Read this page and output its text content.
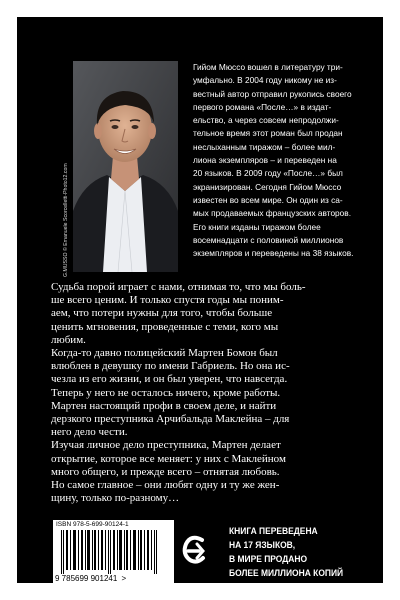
G.MUSSO © Emanuele Scorcelletti-Photo12.com
Гийом Мюссо вошел в литературу три-
умфально. В 2004 году никому не из-
вестный автор отправил рукопись своего
первого романа «После…» в издат-
ельство, а через совсем непродолжи-
тельное время этот роман был продан
неслыханным тиражом – более мил-
лиона экземпляров – и переведен на
20 языков. В 2009 году «После…» был
экранизирован. Сегодня Гийом Мюссо
известен во всем мире. Он один из са-
мых продаваемых французских авторов.
Его книги изданы тиражом более
восемнадцати с половиной миллионов
экземпляров и переведены на 38 языков.
Судьба порой играет с нами, отнимая то, что мы боль-
ше всего ценим. И только спустя годы мы поним-
аем, что потери нужны для того, чтобы больше
ценить мгновения, проведенные с теми, кого мы
любим.
Когда-то давно полицейский Мартен Бомон был
влюблен в девушку по имени Габриель. Но она ис-
чезла из его жизни, и он был уверен, что навсегда.
Теперь у него не осталось ничего, кроме работы.
Мартен настоящий профи в своем деле, и найти
дерзкого преступника Арчибальда Маклейна – для
него дело чести.
Изучая личное дело преступника, Мартен делает
открытие, которое все меняет: у них с Маклейном
много общего, и прежде всего – отнятая любовь.
Но самое главное – они любят одну и ту же жен-
щину, только по-разному…
ISBN 978-5-699-90124-1
9 785699 901241 >
КНИГА ПЕРЕВЕДЕНА
НА 17 ЯЗЫКОВ,
В МИРЕ ПРОДАНО
БОЛЕЕ МИЛЛИОНА КОПИЙ
